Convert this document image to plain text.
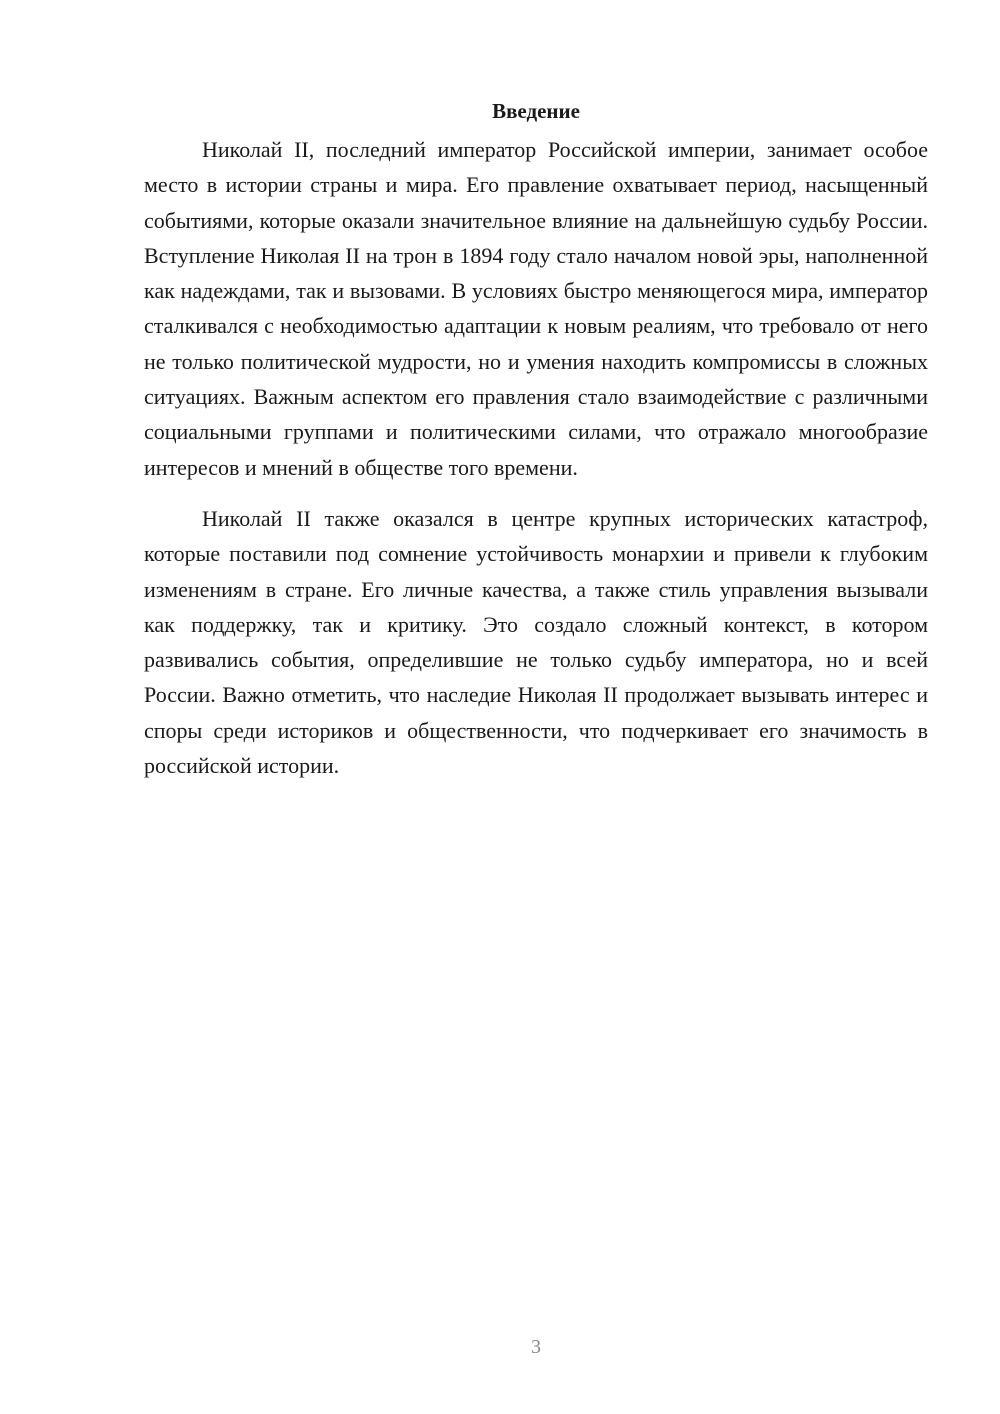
Введение

Николай II, последний император Российской империи, занимает особое место в истории страны и мира. Его правление охватывает период, насыщенный событиями, которые оказали значительное влияние на дальнейшую судьбу России. Вступление Николая II на трон в 1894 году стало началом новой эры, наполненной как надеждами, так и вызовами. В условиях быстро меняющегося мира, император сталкивался с необходимостью адаптации к новым реалиям, что требовало от него не только политической мудрости, но и умения находить компромиссы в сложных ситуациях. Важным аспектом его правления стало взаимодействие с различными социальными группами и политическими силами, что отражало многообразие интересов и мнений в обществе того времени.

Николай II также оказался в центре крупных исторических катастроф, которые поставили под сомнение устойчивость монархии и привели к глубоким изменениям в стране. Его личные качества, а также стиль управления вызывали как поддержку, так и критику. Это создало сложный контекст, в котором развивались события, определившие не только судьбу императора, но и всей России. Важно отметить, что наследие Николая II продолжает вызывать интерес и споры среди историков и общественности, что подчеркивает его значимость в российской истории.

3
